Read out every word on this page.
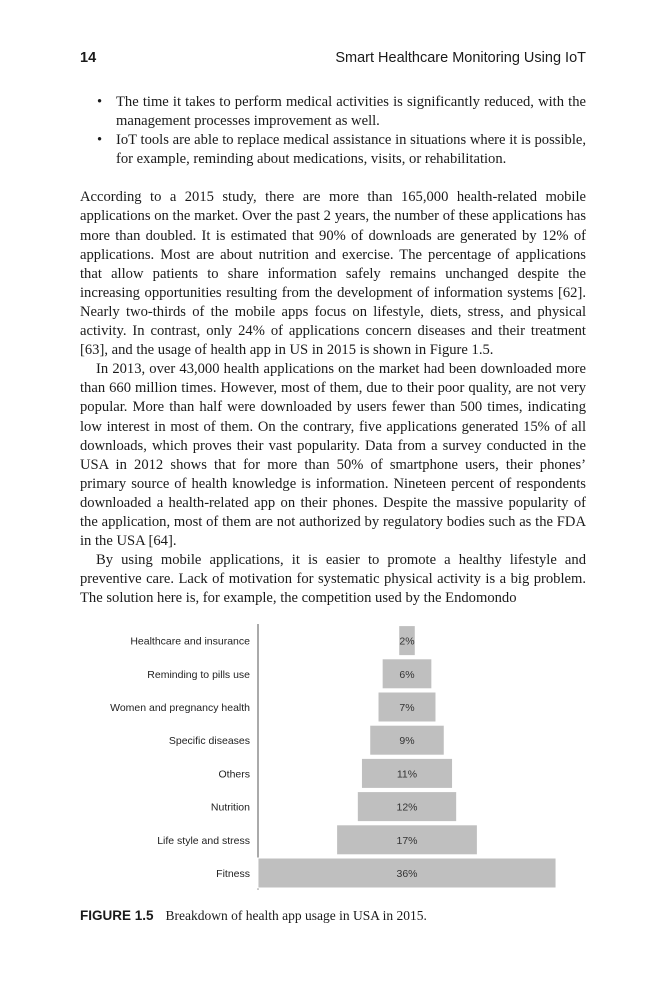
14	Smart Healthcare Monitoring Using IoT
• The time it takes to perform medical activities is significantly reduced, with the management processes improvement as well.
• IoT tools are able to replace medical assistance in situations where it is possible, for example, reminding about medications, visits, or rehabilitation.

According to a 2015 study, there are more than 165,000 health-related mobile applications on the market. Over the past 2 years, the number of these applications has more than doubled. It is estimated that 90% of downloads are generated by 12% of applications. Most are about nutrition and exercise. The percentage of applications that allow patients to share information safely remains unchanged despite the increasing opportunities resulting from the development of information systems [62]. Nearly two-thirds of the mobile apps focus on lifestyle, diets, stress, and physical activity. In contrast, only 24% of applications concern diseases and their treatment [63], and the usage of health app in US in 2015 is shown in Figure 1.5.

In 2013, over 43,000 health applications on the market had been downloaded more than 660 million times. However, most of them, due to their poor quality, are not very popular. More than half were downloaded by users fewer than 500 times, indicating low interest in most of them. On the contrary, five applications generated 15% of all downloads, which proves their vast popularity. Data from a survey conducted in the USA in 2012 shows that for more than 50% of smartphone users, their phones’ primary source of health knowledge is information. Nineteen percent of respondents downloaded a health-related app on their phones. Despite the massive popularity of the application, most of them are not authorized by regulatory bodies such as the FDA in the USA [64].

By using mobile applications, it is easier to promote a healthy lifestyle and preventive care. Lack of motivation for systematic physical activity is a big problem. The solution here is, for example, the competition used by the Endomondo

Healthcare and insurance	2%
Reminding to pills use	6%
Women and pregnancy health	7%
Specific diseases	9%
Others	11%
Nutrition	12%
Life style and stress	17%
Fitness	36%
FIGURE 1.5 Breakdown of health app usage in USA in 2015.
